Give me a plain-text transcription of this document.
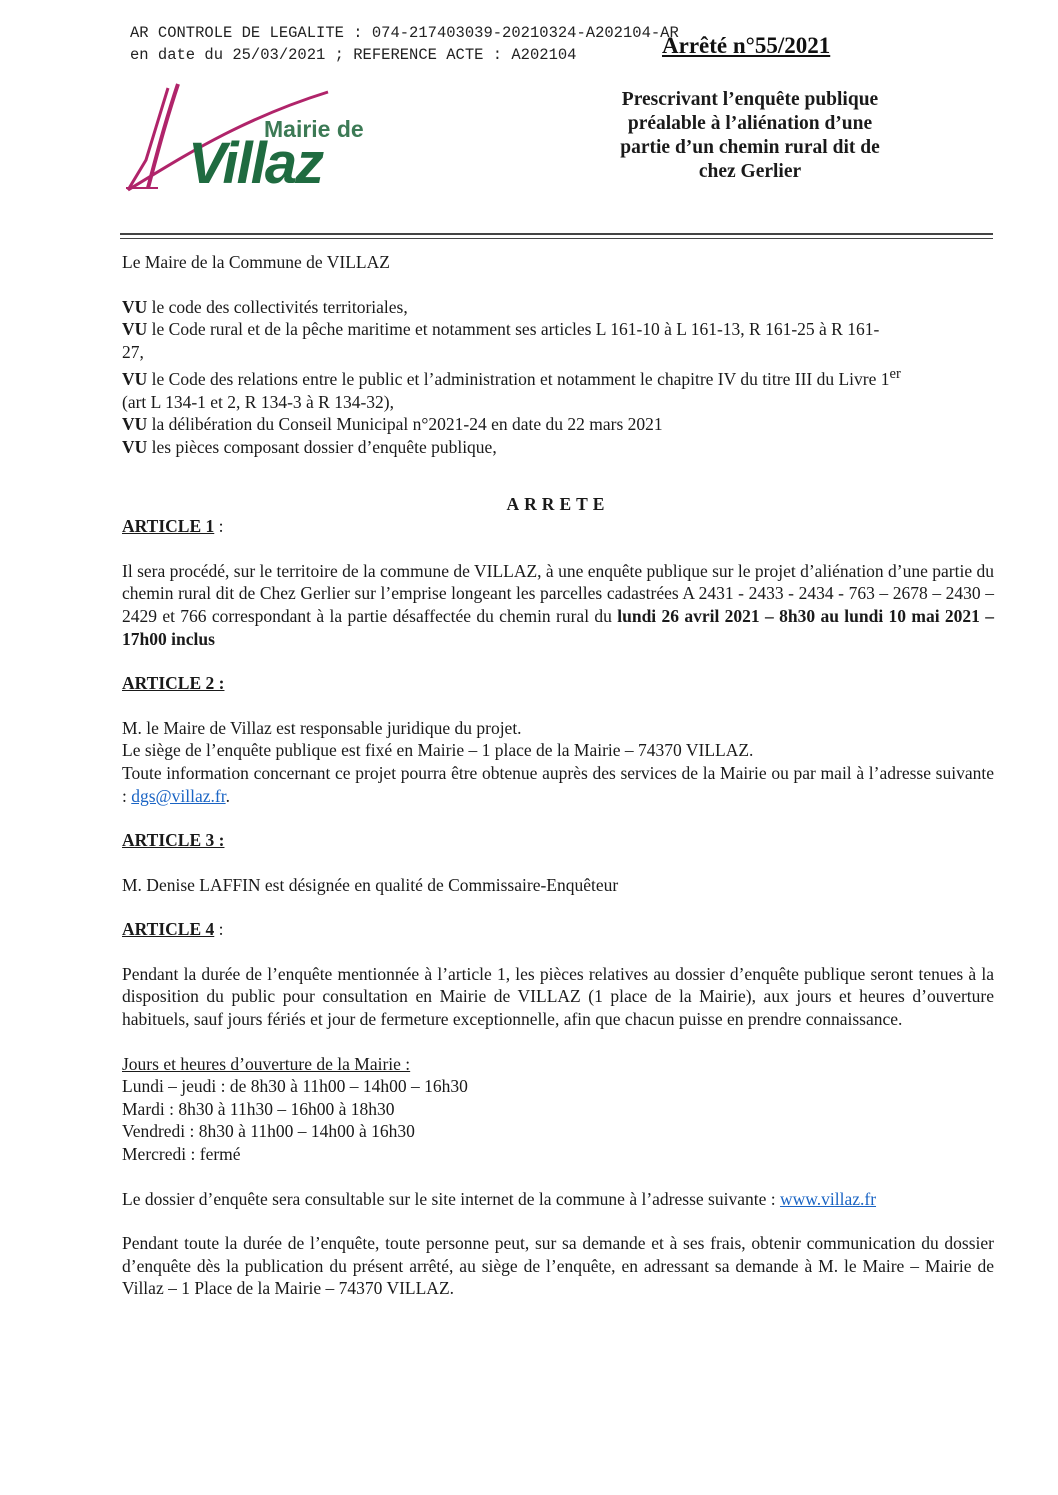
AR CONTROLE DE LEGALITE : 074-217403039-20210324-A202104-AR
en date du 25/03/2021 ; REFERENCE ACTE : A202104	Arrêté n°55/2021
Mairie de
Villaz
Prescrivant l’enquête publique
préalable à l’aliénation d’une
partie d’un chemin rural dit de
chez Gerlier

Le Maire de la Commune de VILLAZ

VU le code des collectivités territoriales,

VU le Code rural et de la pêche maritime et notamment ses articles L 161-10 à L 161-13, R 161-25 à R 161-

27,

VU le Code des relations entre le public et l’administration et notamment le chapitre IV du titre III du Livre 1er

(art L 134-1 et 2, R 134-3 à R 134-32),

VU la délibération du Conseil Municipal n°2021-24 en date du 22 mars 2021

VU les pièces composant dossier d’enquête publique,

ARRETE

ARTICLE 1 :

Il sera procédé, sur le territoire de la commune de VILLAZ, à une enquête publique sur le projet d’aliénation d’une partie du chemin rural dit de Chez Gerlier sur l’emprise longeant les parcelles cadastrées A 2431 - 2433 - 2434 - 763 – 2678 – 2430 – 2429 et 766 correspondant à la partie désaffectée du chemin rural du lundi 26 avril 2021 – 8h30 au lundi 10 mai 2021 – 17h00 inclus

ARTICLE 2 :

M. le Maire de Villaz est responsable juridique du projet.

Le siège de l’enquête publique est fixé en Mairie – 1 place de la Mairie – 74370 VILLAZ.

Toute information concernant ce projet pourra être obtenue auprès des services de la Mairie ou par mail à l’adresse suivante : dgs@villaz.fr.

ARTICLE 3 :

M. Denise LAFFIN est désignée en qualité de Commissaire-Enquêteur

ARTICLE 4 :

Pendant la durée de l’enquête mentionnée à l’article 1, les pièces relatives au dossier d’enquête publique seront tenues à la disposition du public pour consultation en Mairie de VILLAZ (1 place de la Mairie), aux jours et heures d’ouverture habituels, sauf jours fériés et jour de fermeture exceptionnelle, afin que chacun puisse en prendre connaissance.

Jours et heures d’ouverture de la Mairie :

Lundi – jeudi : de 8h30 à 11h00 – 14h00 – 16h30

Mardi : 8h30 à 11h30 – 16h00 à 18h30

Vendredi : 8h30 à 11h00 – 14h00 à 16h30

Mercredi : fermé

Le dossier d’enquête sera consultable sur le site internet de la commune à l’adresse suivante : www.villaz.fr

Pendant toute la durée de l’enquête, toute personne peut, sur sa demande et à ses frais, obtenir communication du dossier d’enquête dès la publication du présent arrêté, au siège de l’enquête, en adressant sa demande à M. le Maire – Mairie de Villaz – 1 Place de la Mairie – 74370 VILLAZ.
